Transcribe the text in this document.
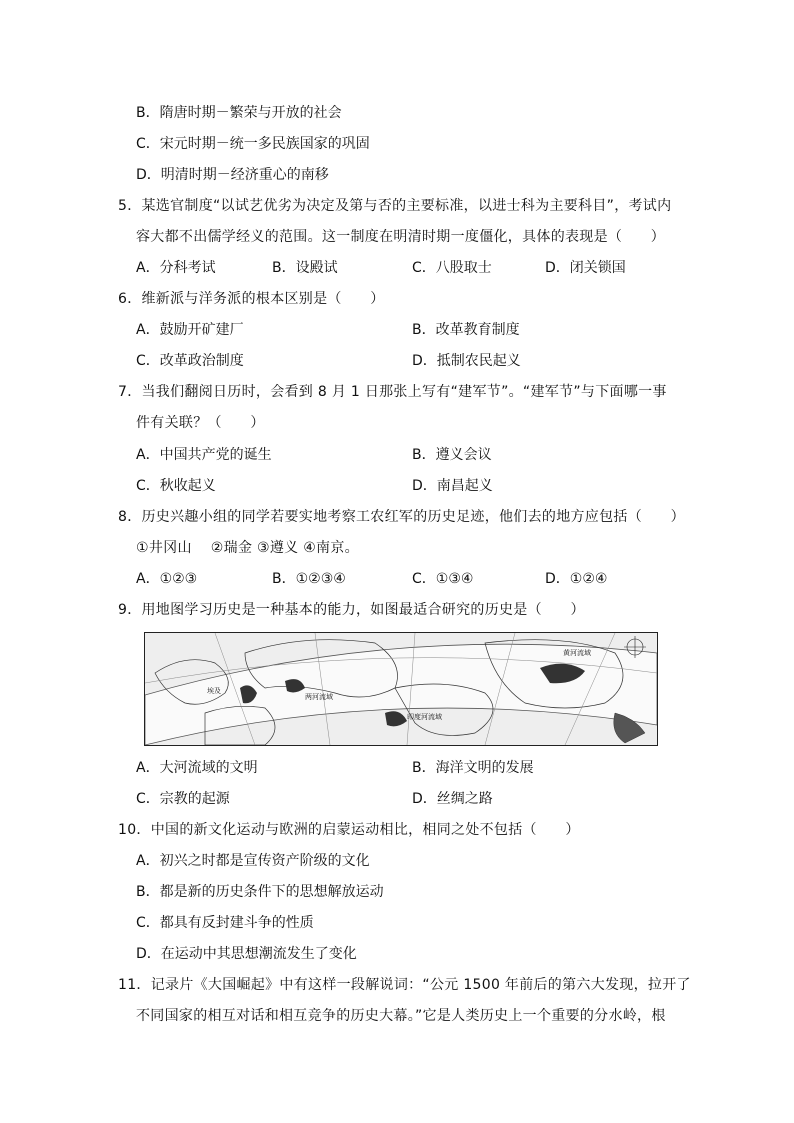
B．隋唐时期－繁荣与开放的社会
C．宋元时期－统一多民族国家的巩固
D．明清时期－经济重心的南移
5．某选官制度“以试艺优劣为决定及第与否的主要标准，以进士科为主要科目”，考试内
容大都不出儒学经义的范围。这一制度在明清时期一度僵化，具体的表现是（　　）
A．分科考试	B．设殿试	C．八股取士	D．闭关锁国
6．维新派与洋务派的根本区别是（　　）
A．鼓励开矿建厂	B．改革教育制度
C．改革政治制度	D．抵制农民起义
7．当我们翻阅日历时，会看到 8 月 1 日那张上写有“建军节”。“建军节”与下面哪一事
件有关联？（　　）
A．中国共产党的诞生	B．遵义会议
C．秋收起义	D．南昌起义
8．历史兴趣小组的同学若要实地考察工农红军的历史足迹，他们去的地方应包括（　　）
①井冈山　 ②瑞金 ③遵义 ④南京。
A．①②③	B．①②③④	C．①③④	D．①②④
9．用地图学习历史是一种基本的能力，如图最适合研究的历史是（　　）
埃及
两河流域
印度河流域
黄河流域
A．大河流域的文明	B．海洋文明的发展
C．宗教的起源	D．丝绸之路
10．中国的新文化运动与欧洲的启蒙运动相比，相同之处不包括（　　）
A．初兴之时都是宣传资产阶级的文化
B．都是新的历史条件下的思想解放运动
C．都具有反封建斗争的性质
D．在运动中其思想潮流发生了变化
11．记录片《大国崛起》中有这样一段解说词：“公元 1500 年前后的第六大发现，拉开了
不同国家的相互对话和相互竞争的历史大幕。”它是人类历史上一个重要的分水岭，根
